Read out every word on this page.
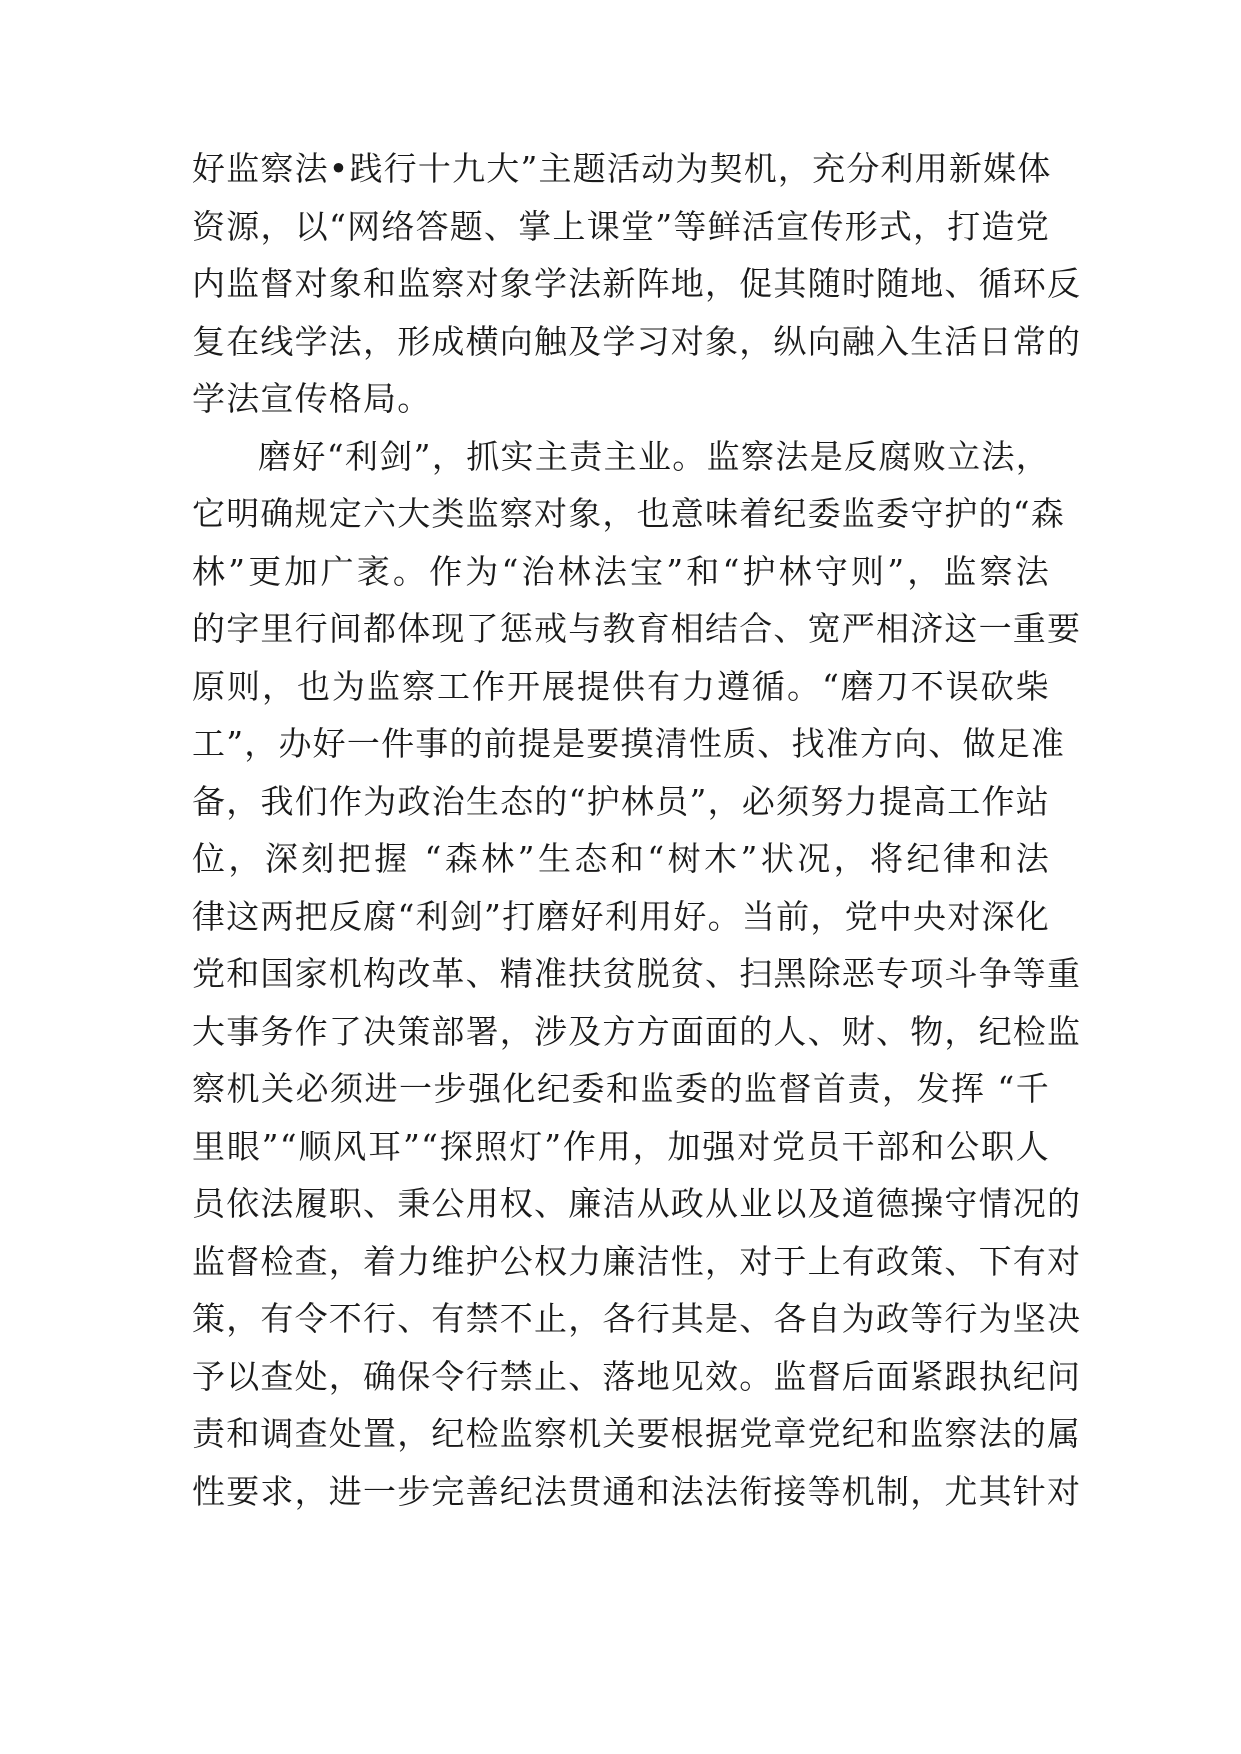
好监察法•践行十九大”主题活动为契机，充分利用新媒体
资源，以“网络答题、掌上课堂”等鲜活宣传形式，打造党
内监督对象和监察对象学法新阵地，促其随时随地、循环反
复在线学法，形成横向触及学习对象，纵向融入生活日常的
学法宣传格局。
磨好“利剑”，抓实主责主业。监察法是反腐败立法，
它明确规定六大类监察对象，也意味着纪委监委守护的“森
林”更加广袤。作为“治林法宝”和“护林守则”，监察法
的字里行间都体现了惩戒与教育相结合、宽严相济这一重要
原则，也为监察工作开展提供有力遵循。“磨刀不误砍柴
工”，办好一件事的前提是要摸清性质、找准方向、做足准
备，我们作为政治生态的“护林员”，必须努力提高工作站
位，深刻把握 “森林”生态和“树木”状况，将纪律和法
律这两把反腐“利剑”打磨好利用好。当前，党中央对深化
党和国家机构改革、精准扶贫脱贫、扫黑除恶专项斗争等重
大事务作了决策部署，涉及方方面面的人、财、物，纪检监
察机关必须进一步强化纪委和监委的监督首责，发挥 “千
里眼”“顺风耳”“探照灯”作用，加强对党员干部和公职人
员依法履职、秉公用权、廉洁从政从业以及道德操守情况的
监督检查，着力维护公权力廉洁性，对于上有政策、下有对
策，有令不行、有禁不止，各行其是、各自为政等行为坚决
予以查处，确保令行禁止、落地见效。监督后面紧跟执纪问
责和调查处置，纪检监察机关要根据党章党纪和监察法的属
性要求，进一步完善纪法贯通和法法衔接等机制，尤其针对
